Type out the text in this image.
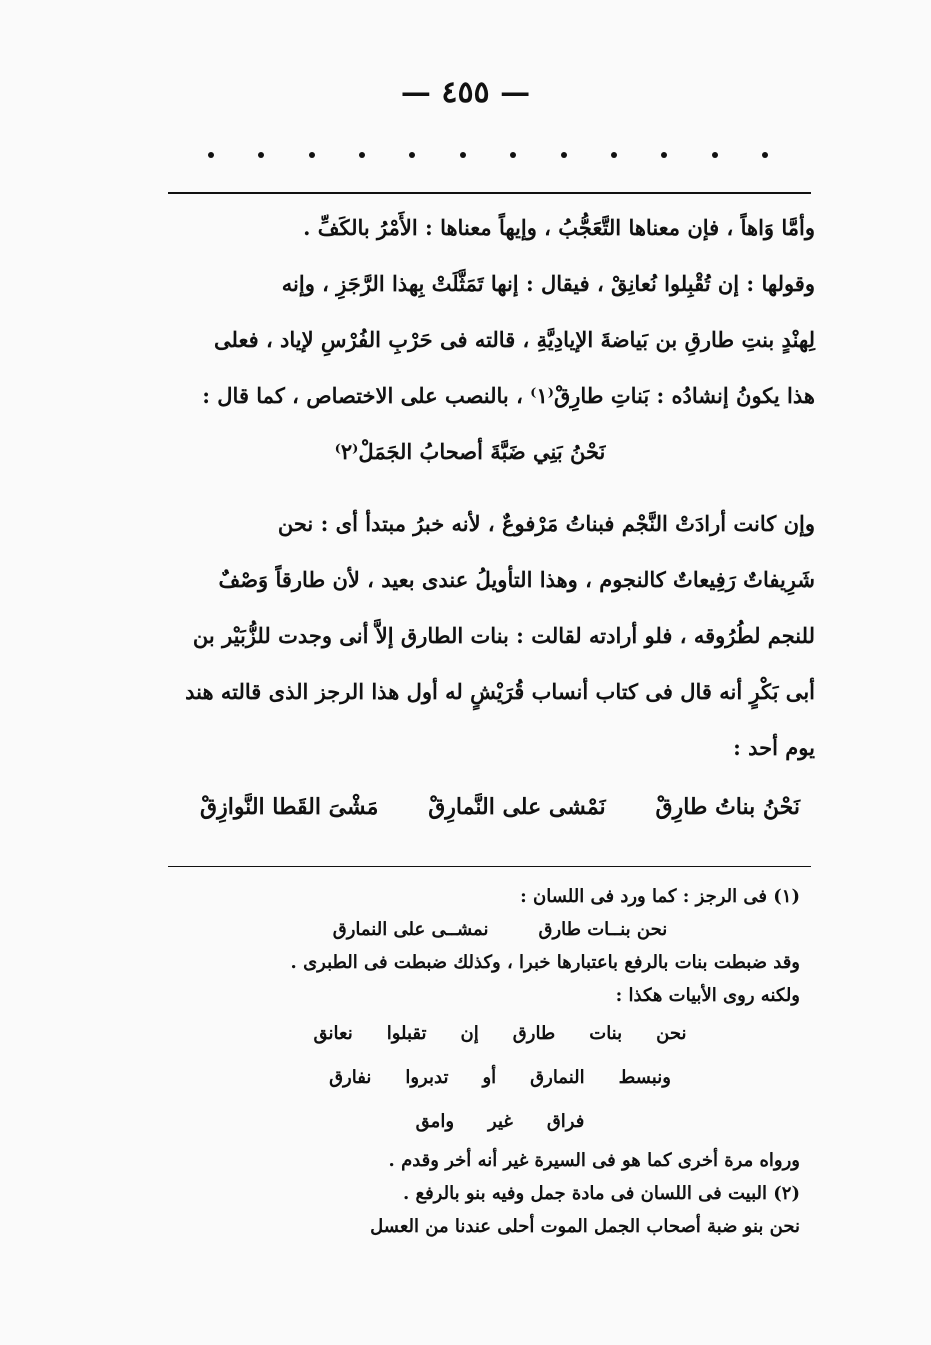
— ٤٥٥ —

وأمَّا وَاهاً ، فإن معناها التَّعَجُّبُ ، وإيهاً معناها : الأَمْرُ بالكَفِّ .

وقولها : إن تُقْبِلوا نُعانِقْ ، فيقال : إنها تَمَثَّلَتْ بِهذا الرَّجَزِ ، وإنه

لِهنْدٍ بنتِ طارقِ بن بَياضةَ الإيادِيَّةِ ، قالته فى حَرْبِ الفُرْسِ لإياد ، فعلى

هذا يكونُ إنشادُه : بَناتِ طارِقْ⁽١⁾ ، بالنصب على الاختصاص ، كما قال :

نَحْنُ بَنِي ضَبَّةَ أصحابُ الجَمَلْ⁽٢⁾

وإن كانت أرادَتْ النَّجْم فبناتُ مَرْفوعٌ ، لأنه خبرُ مبتدأ أى : نحن

شَرِيفاتٌ رَفِيعاتٌ كالنجوم ، وهذا التأويلُ عندى بعيد ، لأن طارقاً وَصْفٌ

للنجم لطُرُوقه ، فلو أرادته لقالت : بنات الطارق إلاَّ أنى وجدت للزُّبَيْر بن

أبى بَكْرٍ أنه قال فى كتاب أنساب قُرَيْشٍ له أول هذا الرجز الذى قالته هند

يوم أحد :

نَحْنُ بناتُ طارِقْ
نَمْشى على النَّمارِقْ
مَشْىَ القَطا النَّوازِقْ

(١) فى الرجز : كما ورد فى اللسان :

نحن بنــات طارق
نمشــى على النمارق

وقد ضبطت بنات بالرفع باعتبارها خبرا ، وكذلك ضبطت فى الطبرى .

ولكنه روى الأبيات هكذا :

نحن
بنات
طارق
إن
تقبلوا
نعانق
ونبسط
النمارق
أو
تدبروا
نفارق
فراق
غير
وامق

ورواه مرة أخرى كما هو فى السيرة غير أنه أخر وقدم .

(٢) البيت فى اللسان فى مادة جمل وفيه بنو بالرفع .

نحن بنو ضبة أصحاب الجمل الموت أحلى عندنا من العسل
